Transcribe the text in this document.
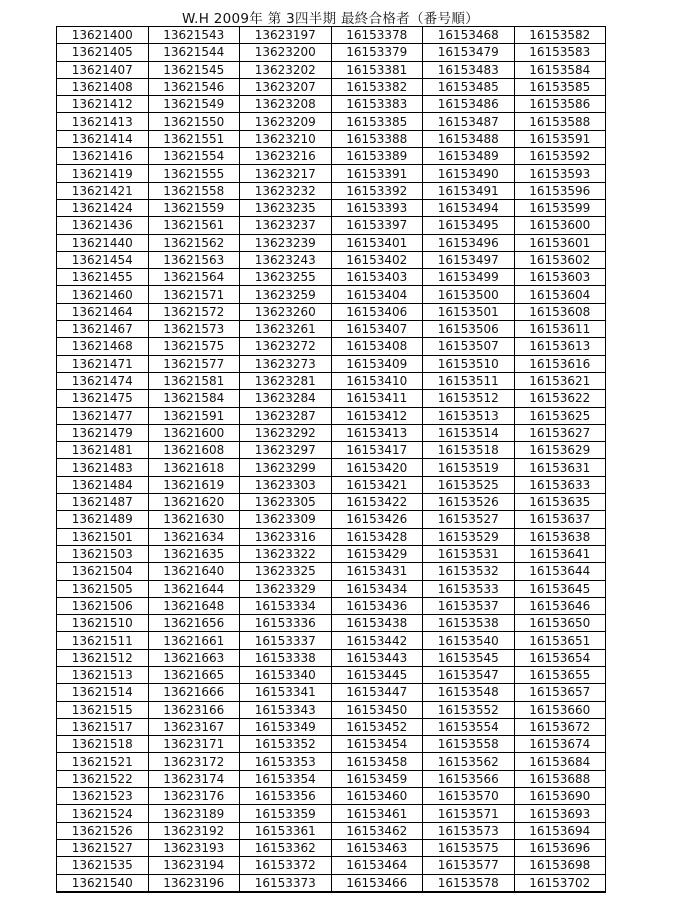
W.H 2009年 第 3四半期 最終合格者（番号順）
13621400	13621543	13623197	16153378	16153468	16153582
13621405	13621544	13623200	16153379	16153479	16153583
13621407	13621545	13623202	16153381	16153483	16153584
13621408	13621546	13623207	16153382	16153485	16153585
13621412	13621549	13623208	16153383	16153486	16153586
13621413	13621550	13623209	16153385	16153487	16153588
13621414	13621551	13623210	16153388	16153488	16153591
13621416	13621554	13623216	16153389	16153489	16153592
13621419	13621555	13623217	16153391	16153490	16153593
13621421	13621558	13623232	16153392	16153491	16153596
13621424	13621559	13623235	16153393	16153494	16153599
13621436	13621561	13623237	16153397	16153495	16153600
13621440	13621562	13623239	16153401	16153496	16153601
13621454	13621563	13623243	16153402	16153497	16153602
13621455	13621564	13623255	16153403	16153499	16153603
13621460	13621571	13623259	16153404	16153500	16153604
13621464	13621572	13623260	16153406	16153501	16153608
13621467	13621573	13623261	16153407	16153506	16153611
13621468	13621575	13623272	16153408	16153507	16153613
13621471	13621577	13623273	16153409	16153510	16153616
13621474	13621581	13623281	16153410	16153511	16153621
13621475	13621584	13623284	16153411	16153512	16153622
13621477	13621591	13623287	16153412	16153513	16153625
13621479	13621600	13623292	16153413	16153514	16153627
13621481	13621608	13623297	16153417	16153518	16153629
13621483	13621618	13623299	16153420	16153519	16153631
13621484	13621619	13623303	16153421	16153525	16153633
13621487	13621620	13623305	16153422	16153526	16153635
13621489	13621630	13623309	16153426	16153527	16153637
13621501	13621634	13623316	16153428	16153529	16153638
13621503	13621635	13623322	16153429	16153531	16153641
13621504	13621640	13623325	16153431	16153532	16153644
13621505	13621644	13623329	16153434	16153533	16153645
13621506	13621648	16153334	16153436	16153537	16153646
13621510	13621656	16153336	16153438	16153538	16153650
13621511	13621661	16153337	16153442	16153540	16153651
13621512	13621663	16153338	16153443	16153545	16153654
13621513	13621665	16153340	16153445	16153547	16153655
13621514	13621666	16153341	16153447	16153548	16153657
13621515	13623166	16153343	16153450	16153552	16153660
13621517	13623167	16153349	16153452	16153554	16153672
13621518	13623171	16153352	16153454	16153558	16153674
13621521	13623172	16153353	16153458	16153562	16153684
13621522	13623174	16153354	16153459	16153566	16153688
13621523	13623176	16153356	16153460	16153570	16153690
13621524	13623189	16153359	16153461	16153571	16153693
13621526	13623192	16153361	16153462	16153573	16153694
13621527	13623193	16153362	16153463	16153575	16153696
13621535	13623194	16153372	16153464	16153577	16153698
13621540	13623196	16153373	16153466	16153578	16153702
